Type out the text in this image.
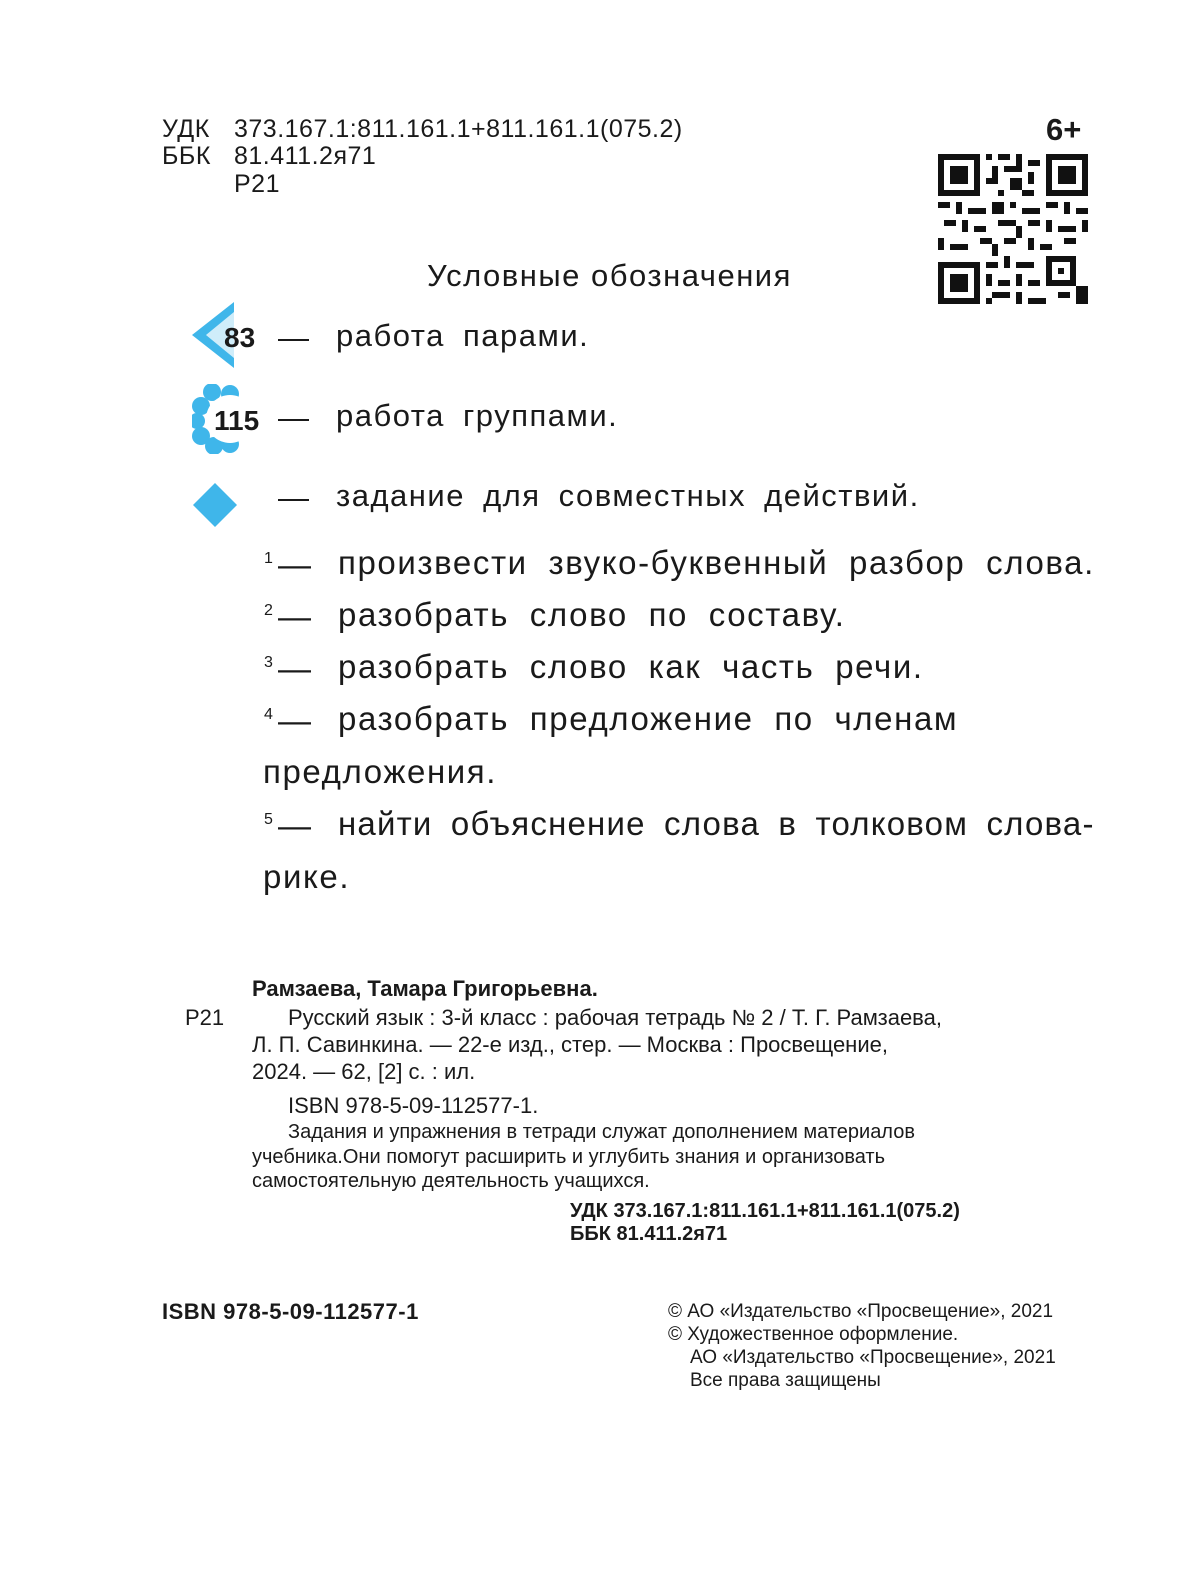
УДК 373.167.1:811.161.1+811.161.1(075.2)
ББК 81.411.2я71
Р21
6+
Условные обозначения
83 — работа парами.
115 — работа группами.
— задание для совместных действий.
1 — произвести звуко-буквенный разбор слова.
2 — разобрать слово по составу.
3 — разобрать слово как часть речи.
4 — разобрать предложение по членам
предложения.
5 — найти объяснение слова в толковом слова-
рике.
Рамзаева, Тамара Григорьевна.
Р21	Русский язык : 3-й класс : рабочая тетрадь № 2 / Т. Г. Рамзаева,
Л. П. Савинкина. — 22-е изд., стер. — Москва : Просвещение,
2024. — 62, [2] с. : ил.
ISBN 978-5-09-112577-1.
Задания и упражнения в тетради служат дополнением материалов
учебника.Они помогут расширить и углубить знания и организовать
самостоятельную деятельность учащихся.
УДК 373.167.1:811.161.1+811.161.1(075.2)
ББК 81.411.2я71
ISBN 978-5-09-112577-1	© АО «Издательство «Просвещение», 2021
© Художественное оформление.
АО «Издательство «Просвещение», 2021
Все права защищены
